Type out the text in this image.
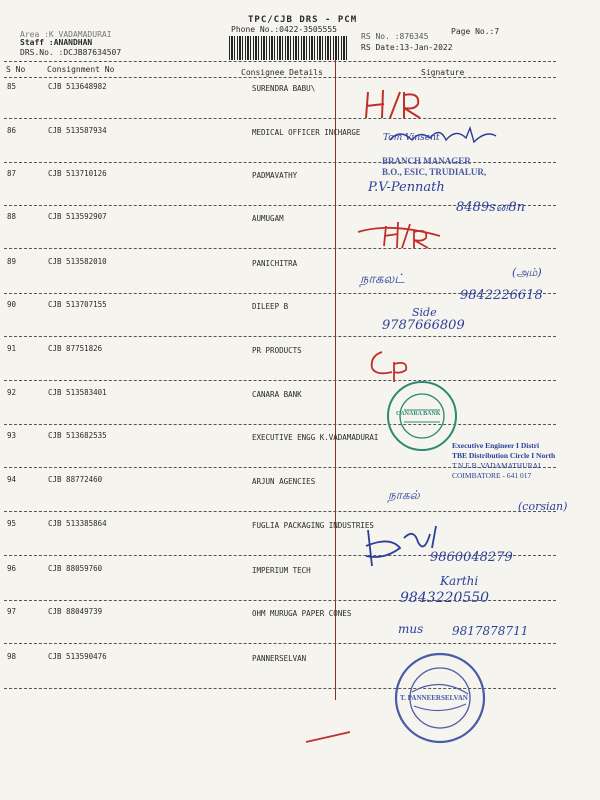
TPC/CJB DRS - PCM
Phone No.:0422-3505555
Area :K VADAMADURAI
Staff :ANANDHAN
DRS.No. :DCJB87634507
RS No. :876345
RS Date:13-Jan-2022
Page No.:7
S No	Consignment No	Consignee Details	Signature
85	CJB 513648982	SURENDRA BABU\
86	CJB 513587934	MEDICAL OFFICER INCHARGE
87	CJB 513710126	PADMAVATHY
88	CJB 513592907	AUMUGAM
89	CJB 513582010	PANICHITRA
90	CJB 513707155	DILEEP B
91	CJB 87751826	PR PRODUCTS
92	CJB 513583401	CANARA BANK
93	CJB 513682535	EXECUTIVE ENGG K.VADAMADURAI
94	CJB 88772460	ARJUN AGENCIES
95	CJB 513385864	FUGLIA PACKAGING INDUSTRIES
96	CJB 88059760	IMPERIUM TECH
97	CJB 88049739	OHM MURUGA PAPER CONES
98	CJB 513590476	PANNERSELVAN
BRANCH MANAGER
B.O., ESIC, TRUDIALUR,
Executive Engineer I Distri
TBE Distribution Circle I North
T.N.E.B. VADAMATHURAI
COIMBATORE - 641 017
CANARA BANK
T. PANNEERSELVAN
Tom Vinsent
P.V-Pennath
8489sன8n
நாகலட்	(அம்)
9842226618
Side
9787666809
நாகல்
(corsian)
9860048279
Karthi
9843220550
mus 9817878711
